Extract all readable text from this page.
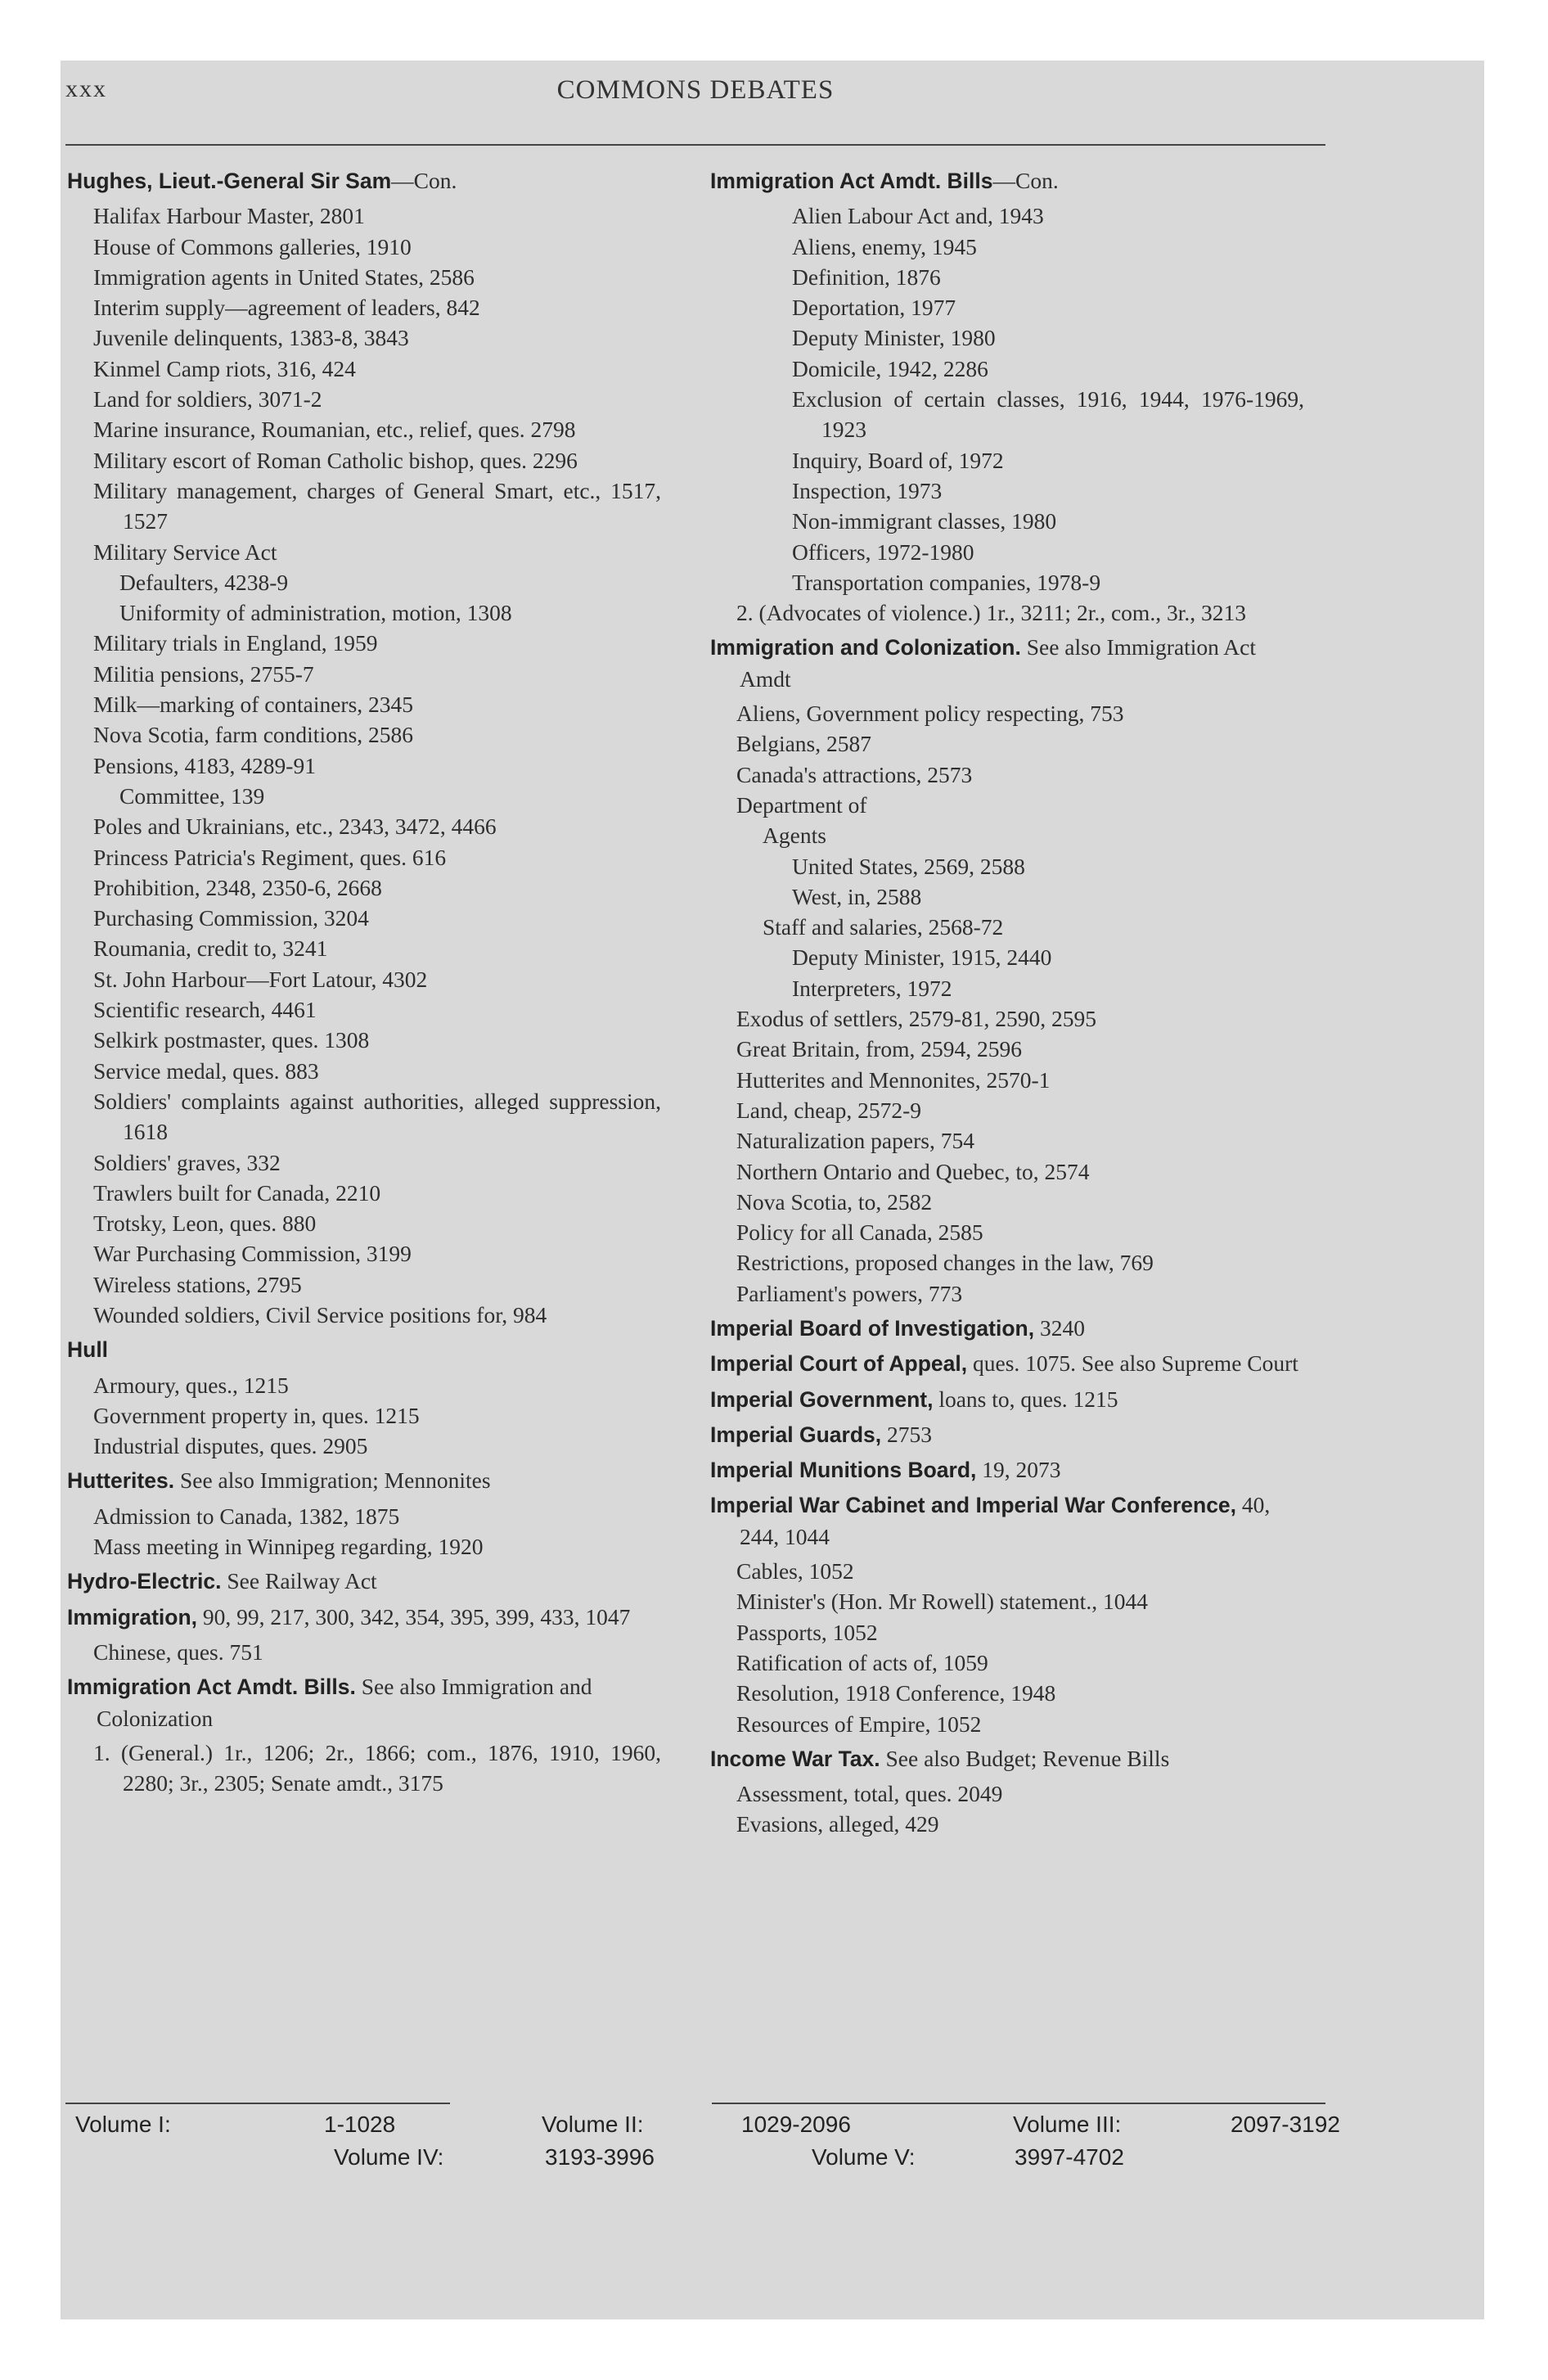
xxx	COMMONS DEBATES

Hughes, Lieut.-General Sir Sam—Con.

Halifax Harbour Master, 2801

House of Commons galleries, 1910

Immigration agents in United States, 2586

Interim supply—agreement of leaders, 842

Juvenile delinquents, 1383-8, 3843

Kinmel Camp riots, 316, 424

Land for soldiers, 3071-2

Marine insurance, Roumanian, etc., relief, ques. 2798

Military escort of Roman Catholic bishop, ques. 2296

Military management, charges of General Smart, etc., 1517, 1527

Military Service Act

Defaulters, 4238-9

Uniformity of administration, motion, 1308

Military trials in England, 1959

Militia pensions, 2755-7

Milk—marking of containers, 2345

Nova Scotia, farm conditions, 2586

Pensions, 4183, 4289-91

Committee, 139

Poles and Ukrainians, etc., 2343, 3472, 4466

Princess Patricia's Regiment, ques. 616

Prohibition, 2348, 2350-6, 2668

Purchasing Commission, 3204

Roumania, credit to, 3241

St. John Harbour—Fort Latour, 4302

Scientific research, 4461

Selkirk postmaster, ques. 1308

Service medal, ques. 883

Soldiers' complaints against authorities, alleged suppression, 1618

Soldiers' graves, 332

Trawlers built for Canada, 2210

Trotsky, Leon, ques. 880

War Purchasing Commission, 3199

Wireless stations, 2795

Wounded soldiers, Civil Service positions for, 984

Hull

Armoury, ques., 1215

Government property in, ques. 1215

Industrial disputes, ques. 2905

Hutterites. See also Immigration; Mennonites

Admission to Canada, 1382, 1875

Mass meeting in Winnipeg regarding, 1920

Hydro-Electric. See Railway Act

Immigration, 90, 99, 217, 300, 342, 354, 395, 399, 433, 1047

Chinese, ques. 751

Immigration Act Amdt. Bills. See also Immigration and Colonization

1. (General.) 1r., 1206; 2r., 1866; com., 1876, 1910, 1960, 2280; 3r., 2305; Senate amdt., 3175

Immigration Act Amdt. Bills—Con.

Alien Labour Act and, 1943

Aliens, enemy, 1945

Definition, 1876

Deportation, 1977

Deputy Minister, 1980

Domicile, 1942, 2286

Exclusion of certain classes, 1916, 1944, 1976-1969, 1923

Inquiry, Board of, 1972

Inspection, 1973

Non-immigrant classes, 1980

Officers, 1972-1980

Transportation companies, 1978-9

2. (Advocates of violence.) 1r., 3211; 2r., com., 3r., 3213

Immigration and Colonization. See also Immigration Act Amdt

Aliens, Government policy respecting, 753

Belgians, 2587

Canada's attractions, 2573

Department of

Agents

United States, 2569, 2588

West, in, 2588

Staff and salaries, 2568-72

Deputy Minister, 1915, 2440

Interpreters, 1972

Exodus of settlers, 2579-81, 2590, 2595

Great Britain, from, 2594, 2596

Hutterites and Mennonites, 2570-1

Land, cheap, 2572-9

Naturalization papers, 754

Northern Ontario and Quebec, to, 2574

Nova Scotia, to, 2582

Policy for all Canada, 2585

Restrictions, proposed changes in the law, 769

Parliament's powers, 773

Imperial Board of Investigation, 3240

Imperial Court of Appeal, ques. 1075. See also Supreme Court

Imperial Government, loans to, ques. 1215

Imperial Guards, 2753

Imperial Munitions Board, 19, 2073

Imperial War Cabinet and Imperial War Conference, 40, 244, 1044

Cables, 1052

Minister's (Hon. Mr Rowell) statement., 1044

Passports, 1052

Ratification of acts of, 1059

Resolution, 1918 Conference, 1948

Resources of Empire, 1052

Income War Tax. See also Budget; Revenue Bills

Assessment, total, ques. 2049

Evasions, alleged, 429

Volume I:	1-1028	Volume II:	1029-2096	Volume III:	2097-3192
Volume IV:	3193-3996	Volume V:	3997-4702
